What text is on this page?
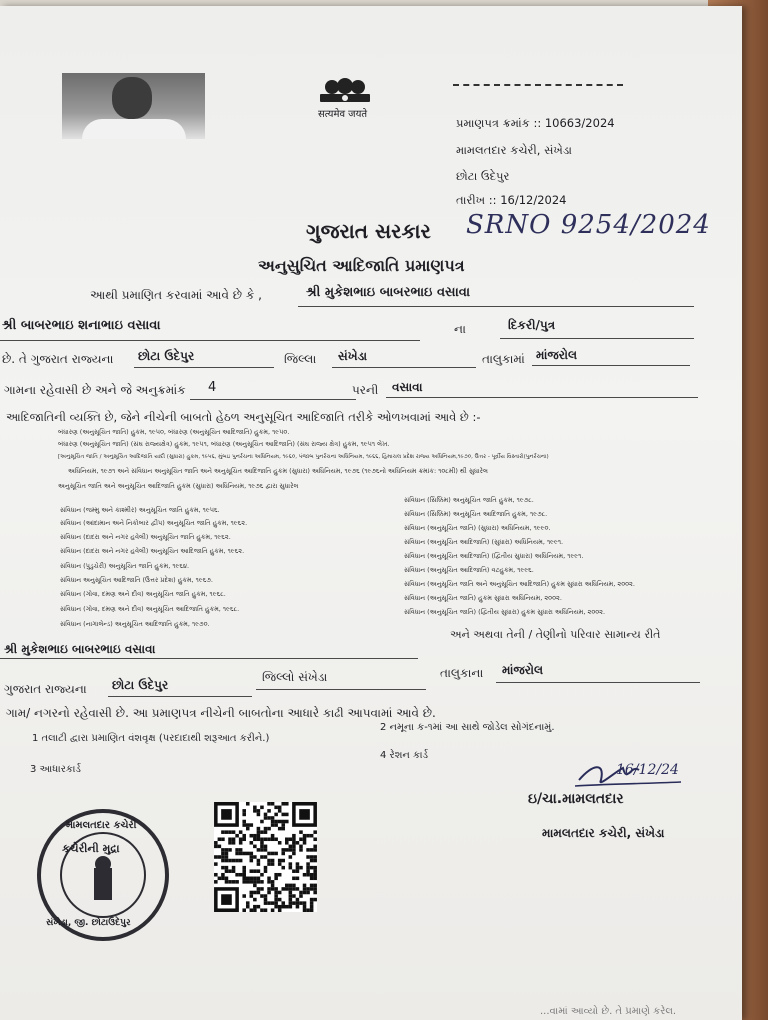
सत्यमेव जयते
પ્રમાણપત્ર ક્રમાંક :: 10663/2024
મામલતદાર કચેરી, સંખેડા
છોટા ઉદેપુર
તારીખ :: 16/12/2024
ગુજરાત સરકાર SRNO 9254/2024
અનુસુચિત આદિજાતિ પ્રમાણપત્ર
આથી પ્રમાણિત કરવામાં આવે છે કે ,	શ્રી મુકેશભાઇ બાબરભાઇ વસાવા
શ્રી બાબરભાઇ શનાભાઇ વસાવા	ના	દિકરી/પુત્ર
છે. તે ગુજરાત રાજ્યના છોટા ઉદેપુર	જિલ્લા સંખેડા	તાલુકામાં માંજરોલ
ગામના રહેવાસી છે અને જે અનુક્રમાંક 4	પરની વસાવા
આદિજાતિની વ્યક્તિ છે, જેને નીચેની બાબતો હેઠળ અનુસૂચિત આદિજાતિ તરીકે ઓળખવામાં આવે છે :-
બંધારણ (અનુસૂચિત જાતિ) હુકમ, ૧૯૫૦, બંધારણ (અનુસૂચિત આદિજાતિ) હુકમ, ૧૯૫૦.
બંધારણ (અનુસૂચિત જાતિ) (સંઘ રાજ્યક્ષેત્ર) હુકમ, ૧૯૫૧, બંધારણ (અનુસૂચિત આદિજાતિ) (સંઘ રાજ્ય ક્ષેત્ર) હુકમ, ૧૯૫૧ લેખ.
[અનુસૂચિત જાતિ / અનુસૂચિત આદિજાતિ યાદી (સુધારા) હુકમ, ૧૯૫૬, મુંબઇ પુનર્રચના અધિનિયમ, ૧૯૬૦, પંજાબ પુનર્રચના અધિનિયમ, ૧૯૬૬, હિમાચલ પ્રદેશ રાજ્ય અધિનિયમ,૧૯૭૦, ઉત્તર - પૂર્વીય વિસ્તારો(પુનર્રચના)
અધિનિયમ, ૧૯૭૧ અને સંવિધાન અનુસૂચિત જાતિ અને અનુસૂચિત આદિજાતિ હુકમ (સુધારા) અધિનિયમ, ૧૯૭૬ (૧૯૭૬નો અધિનિયમ ક્રમાંક: ૧૦૮મી) થી સુધારેલ
અનુસૂચિત જાતિ અને અનુસૂચિત આદિજાતિ હુકમ (સુધારા) અધિનિયમ, ૧૯૭૬ દ્વારા સુધારેલ
સંવિધાન (જમ્મુ અને કાશ્મીર) અનુસૂચિત જાતિ હુકમ, ૧૯૫૬.
સંવિધાન (આંદામાન અને નિકોબાર દ્વીપ) અનુસૂચિત જાતિ હુકમ, ૧૯૬૨.
સંવિધાન (દાદરા અને નગર હવેલી) અનુસૂચિત જાતિ હુકમ, ૧૯૬૨.
સંવિધાન (દાદરા અને નગર હવેલી) અનુસૂચિત આદિજાતિ હુકમ, ૧૯૬૨.
સંવિધાન (પુડુચેરી) અનુસૂચિત જાતિ હુકમ, ૧૯૬૪.
સંવિધાન અનુસૂચિત આદિજાતિ (ઉત્તર પ્રદેશ) હુકમ, ૧૯૬૭.
સંવિધાન (ગોવા, દમણ અને દીવ) અનુસૂચિત જાતિ હુકમ, ૧૯૬૮.
સંવિધાન (ગોવા, દમણ અને દીવ) અનુસૂચિત આદિજાતિ હુકમ, ૧૯૬૮.
સંવિધાન (નાગાલેન્ડ) અનુસૂચિત આદિજાતિ હુકમ, ૧૯૭૦.
સંવિધાન (સિક્કિમ) અનુસૂચિત જાતિ હુકમ, ૧૯૭૮.
સંવિધાન (સિક્કિમ) અનુસૂચિત આદિજાતિ હુકમ, ૧૯૭૮.
સંવિધાન (અનુસૂચિત જાતિ) (સુધારા) અધિનિયમ, ૧૯૯૦.
સંવિધાન (અનુસૂચિત આદિજાતિ) (સુધારા) અધિનિયમ, ૧૯૯૧.
સંવિધાન (અનુસૂચિત આદિજાતિ) (દ્વિતીય સુધારા) અધિનિયમ, ૧૯૯૧.
સંવિધાન (અનુસૂચિત આદિજાતિ) વટહુકમ, ૧૯૯૬.
સંવિધાન (અનુસૂચિત જાતિ અને અનુસૂચિત આદિજાતિ) હુકમ સુધારા અધિનિયમ, ૨૦૦૨.
સંવિધાન (અનુસૂચિત જાતિ) હુકમ સુધારા અધિનિયમ, ૨૦૦૨.
સંવિધાન (અનુસૂચિત જાતિ) (દ્વિતીય સુધારા) હુકમ સુધારા અધિનિયમ, ૨૦૦૨.
અને અથવા તેની / તેણીનો પરિવાર સામાન્ય રીતે
શ્રી મુકેશભાઇ બાબરભાઇ વસાવા
ગુજરાત રાજ્યના છોટા ઉદેપુર
જિલ્લો સંખેડા	તાલુકાના માંજરોલ
ગામ/ નગરનો રહેવાસી છે. આ પ્રમાણપત્ર નીચેની બાબતોના આધારે કાઢી આપવામાં આવે છે.
1 તલાટી દ્વારા પ્રમાણિત વંશવૃક્ષ (પરદાદાથી શરૂઆત કરીને.)
2 નમૂના ક-૧માં આ સાથે જોડેલ સોગંદનામું.
3 આધારકાર્ડ
4 રેશન કાર્ડ
16/12/24
ઇ/ચા.મામલતદાર
મામલતદાર કચેરી, સંખેડા
મામલતદાર કચેરી
કચેરીની મુદ્રા
સંખેડા, જી. છોટાઉદેપુર
...વામાં આવ્યો છે. તે પ્રમાણે કરેલ.
